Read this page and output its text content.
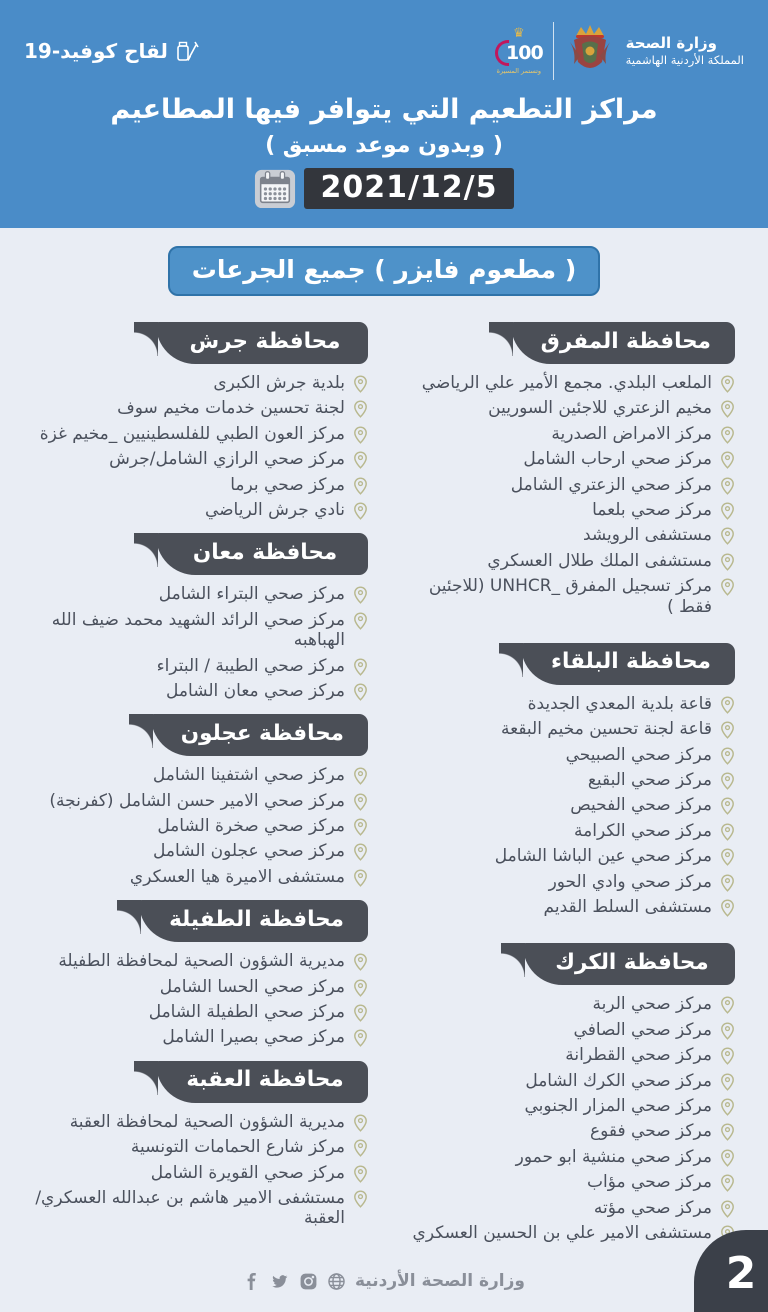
وزارة الصحة
المملكة الأردنية الهاشمية
♛
100
وتستمر المسيرة
لقاح كوفيد-19
مراكز التطعيم التي يتوافر فيها المطاعيم
( وبدون موعد مسبق )
2021/12/5
( مطعوم فايزر ) جميع الجرعات
محافظة المفرق
الملعب البلدي. مجمع الأمير علي الرياضي
مخيم الزعتري للاجئين السوريين
مركز الامراض الصدرية
مركز صحي ارحاب الشامل
مركز صحي الزعتري الشامل
مركز صحي بلعما
مستشفى الرويشد
مستشفى الملك طلال العسكري
مركز تسجيل المفرق _UNHCR (للاجئين فقط )
محافظة البلقاء
قاعة بلدية المعدي الجديدة
قاعة لجنة تحسين مخيم البقعة
مركز صحي الصبيحي
مركز صحي البقيع
مركز صحي الفحيص
مركز صحي الكرامة
مركز صحي عين الباشا الشامل
مركز صحي وادي الحور
مستشفى السلط القديم
محافظة الكرك
مركز صحي الربة
مركز صحي الصافي
مركز صحي القطرانة
مركز صحي الكرك الشامل
مركز صحي المزار الجنوبي
مركز صحي فقوع
مركز صحي منشية ابو حمور
مركز صحي مؤاب
مركز صحي مؤته
مستشفى الامير علي بن الحسين العسكري
محافظة جرش
بلدية جرش الكبرى
لجنة تحسين خدمات مخيم سوف
مركز العون الطبي للفلسطينيين _مخيم غزة
مركز صحي الرازي الشامل/جرش
مركز صحي برما
نادي جرش الرياضي
محافظة معان
مركز صحي البتراء الشامل
مركز صحي الرائد الشهيد محمد ضيف الله الهباهبه
مركز صحي الطيبة / البتراء
مركز صحي معان الشامل
محافظة عجلون
مركز صحي اشتفينا الشامل
مركز صحي الامير حسن الشامل (كفرنجة)
مركز صحي صخرة الشامل
مركز صحي عجلون الشامل
مستشفى الاميرة هيا العسكري
محافظة الطفيلة
مديرية الشؤون الصحية لمحافظة الطفيلة
مركز صحي الحسا الشامل
مركز صحي الطفيلة الشامل
مركز صحي بصيرا الشامل
محافظة العقبة
مديرية الشؤون الصحية لمحافظة العقبة
مركز شارع الحمامات التونسية
مركز صحي القويرة الشامل
مستشفى الامير هاشم بن عبدالله العسكري/العقبة
وزارة الصحة الأردنية	2
